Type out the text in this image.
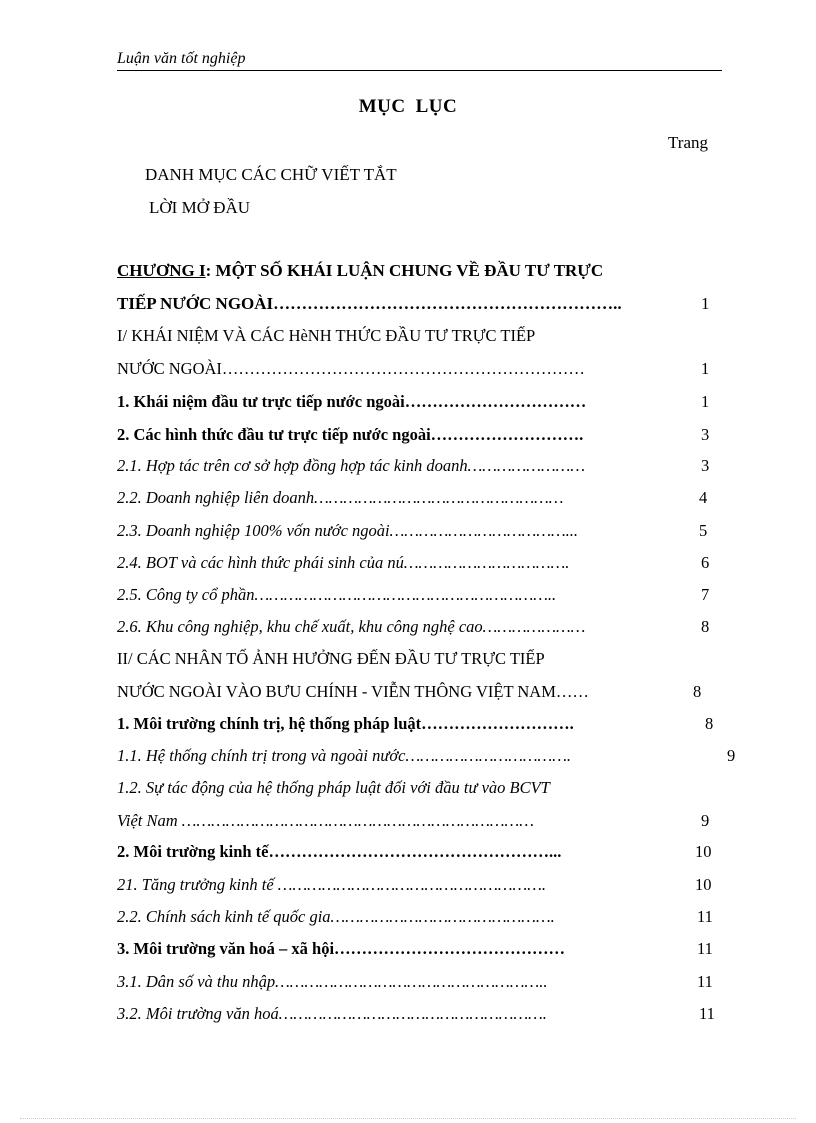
Luận văn tốt nghiệp
MỤC LỤC
Trang
DANH MỤC CÁC CHỮ VIẾT TẮT
LỜI MỞ ĐẦU
CHƯƠNG I: MỘT SỐ KHÁI LUẬN CHUNG VỀ ĐẦU TƯ TRỰC
TIẾP NƯỚC NGOÀI……………………………………………………..	1
I/ KHÁI NIỆM VÀ CÁC HèNH THỨC ĐẦU TƯ TRỰC TIẾP
NƯỚC NGOÀI…………………………………………………………	1
1. Khái niệm đầu tư trực tiếp nước ngoài……………………………	1
2. Các hình thức đầu tư trực tiếp nước ngoài……………………….	3
2.1. Hợp tác trên cơ sở hợp đồng hợp tác kinh doanh……………………	3
2.2. Doanh nghiệp liên doanh……………………………………………	4
2.3. Doanh nghiệp 100% vốn nước ngoài………………………………...	5
2.4. BOT và các hình thức phái sinh của nú…………………………….	6
2.5. Công ty cổ phần……………………………………………………..	7
2.6. Khu công nghiệp, khu chế xuất, khu công nghệ cao…………………	8
II/ CÁC NHÂN TỐ ẢNH HƯỞNG ĐẾN ĐẦU TƯ TRỰC TIẾP
NƯỚC NGOÀI VÀO BƯU CHÍNH - VIỄN THÔNG VIỆT NAM……	8
1. Môi trường chính trị, hệ thống pháp luật……………………….	8
1.1. Hệ thống chính trị trong và ngoài nước…………………………….	9
1.2. Sự tác động của hệ thống pháp luật đối với đầu tư vào BCVT
Việt Nam ………………………………………………………………	9
2. Môi trường kinh tế……………………………………………...	10
21. Tăng trưởng kinh tế ……………………………………………….	10
2.2. Chính sách kinh tế quốc gia……………………………………….	11
3. Môi trường văn hoá – xã hội……………………………………	11
3.1. Dân số và thu nhập………………………………………………..	11
3.2. Môi trường văn hoá……………………………………………….	11
